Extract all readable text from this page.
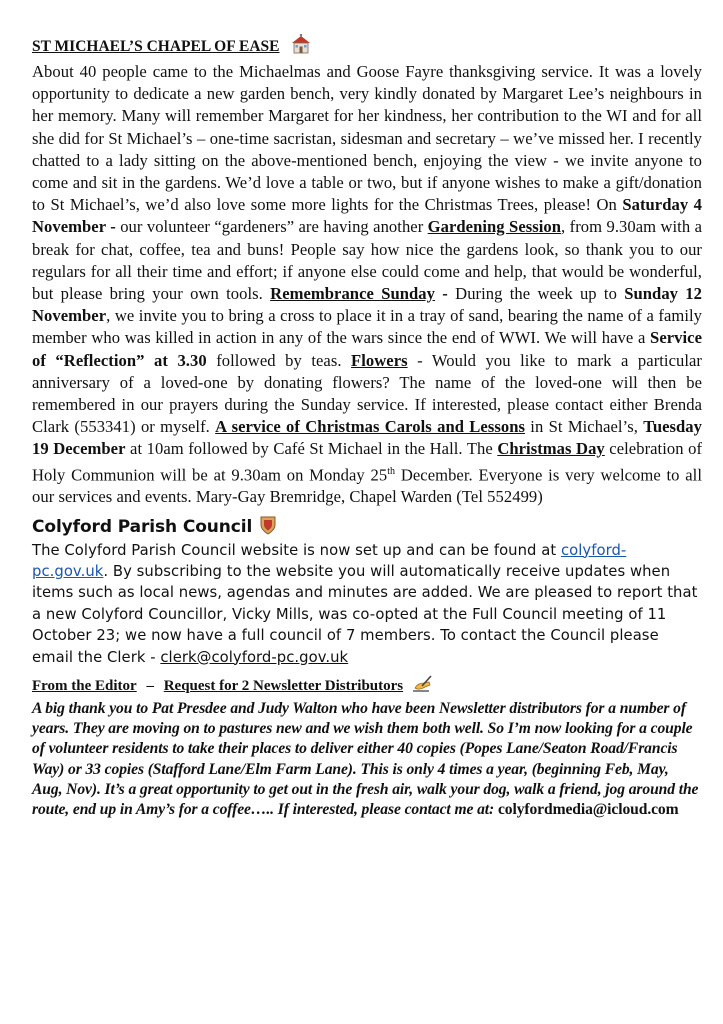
ST MICHAEL’S CHAPEL OF EASE

About 40 people came to the Michaelmas and Goose Fayre thanksgiving service. It was a lovely opportunity to dedicate a new garden bench, very kindly donated by Margaret Lee’s neighbours in her memory. Many will remember Margaret for her kindness, her contribution to the WI and for all she did for St Michael’s – one-time sacristan, sidesman and secretary – we’ve missed her. I recently chatted to a lady sitting on the above-mentioned bench, enjoying the view - we invite anyone to come and sit in the gardens. We’d love a table or two, but if anyone wishes to make a gift/donation to St Michael’s, we’d also love some more lights for the Christmas Trees, please! On Saturday 4 November - our volunteer “gardeners” are having another Gardening Session, from 9.30am with a break for chat, coffee, tea and buns! People say how nice the gardens look, so thank you to our regulars for all their time and effort; if anyone else could come and help, that would be wonderful, but please bring your own tools. Remembrance Sunday - During the week up to Sunday 12 November, we invite you to bring a cross to place it in a tray of sand, bearing the name of a family member who was killed in action in any of the wars since the end of WWI. We will have a Service of “Reflection” at 3.30 followed by teas. Flowers - Would you like to mark a particular anniversary of a loved-one by donating flowers? The name of the loved-one will then be remembered in our prayers during the Sunday service. If interested, please contact either Brenda Clark (553341) or myself. A service of Christmas Carols and Lessons in St Michael’s, Tuesday 19 December at 10am followed by Café St Michael in the Hall. The Christmas Day celebration of Holy Communion will be at 9.30am on Monday 25th December. Everyone is very welcome to all our services and events. Mary-Gay Bremridge, Chapel Warden (Tel 552499)

Colyford Parish Council

The Colyford Parish Council website is now set up and can be found at colyford-pc.gov.uk. By subscribing to the website you will automatically receive updates when items such as local news, agendas and minutes are added. We are pleased to report that a new Colyford Councillor, Vicky Mills, was co-opted at the Full Council meeting of 11 October 23; we now have a full council of 7 members. To contact the Council please email the Clerk - clerk@colyford-pc.gov.uk

From the Editor – Request for 2 Newsletter Distributors

A big thank you to Pat Presdee and Judy Walton who have been Newsletter distributors for a number of years. They are moving on to pastures new and we wish them both well. So I’m now looking for a couple of volunteer residents to take their places to deliver either 40 copies (Popes Lane/Seaton Road/Francis Way) or 33 copies (Stafford Lane/Elm Farm Lane). This is only 4 times a year, (beginning Feb, May, Aug, Nov). It’s a great opportunity to get out in the fresh air, walk your dog, walk a friend, jog around the route, end up in Amy’s for a coffee….. If interested, please contact me at: colyfordmedia@icloud.com
